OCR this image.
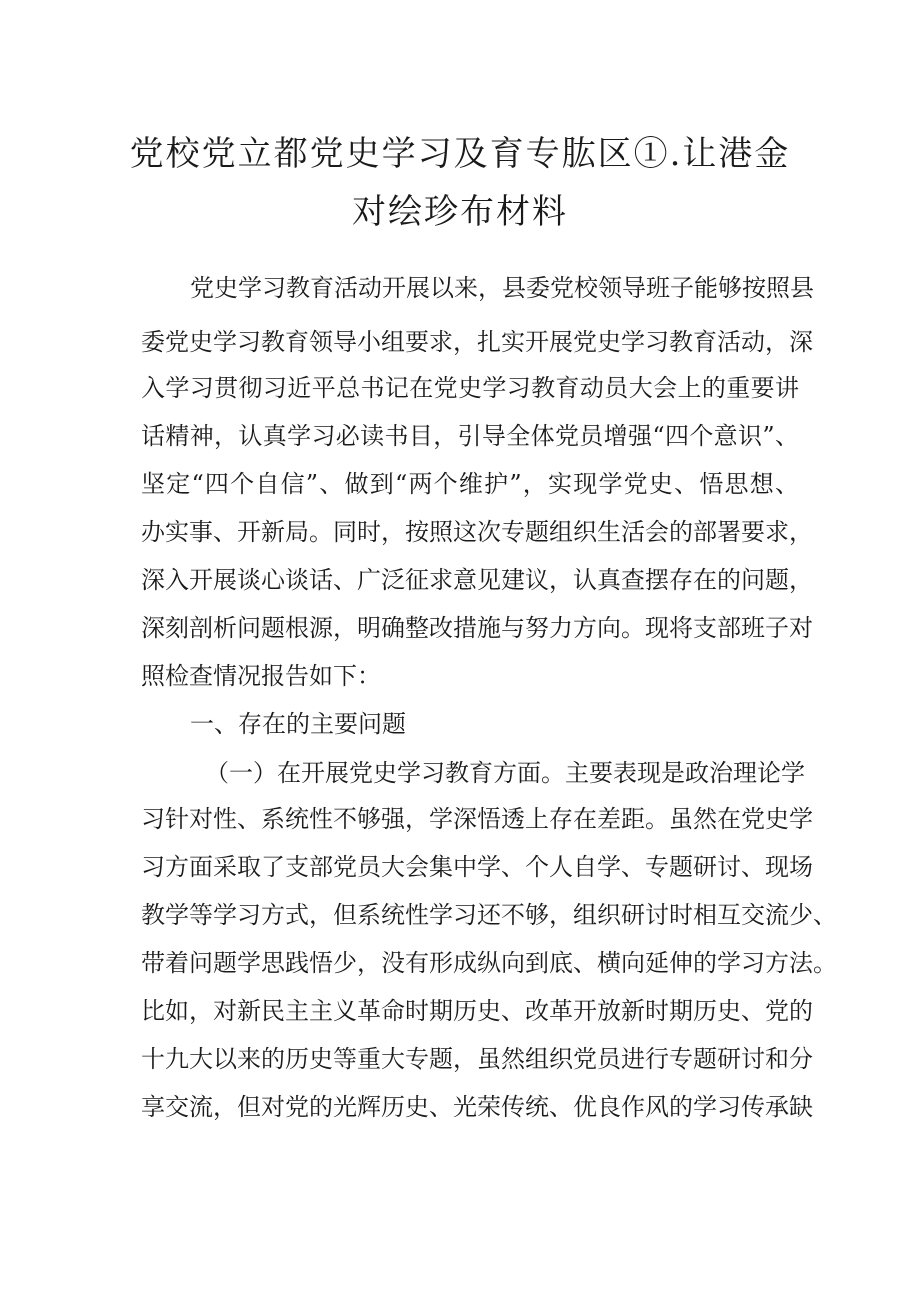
党校党立都党史学习及育专肱区①.让港金
对绘珍布材料

党史学习教育活动开展以来，县委党校领导班子能够按照县

委党史学习教育领导小组要求，扎实开展党史学习教育活动，深

入学习贯彻习近平总书记在党史学习教育动员大会上的重要讲

话精神，认真学习必读书目，引导全体党员增强“四个意识”、

坚定“四个自信”、做到“两个维护”，实现学党史、悟思想、

办实事、开新局。同时，按照这次专题组织生活会的部署要求，

深入开展谈心谈话、广泛征求意见建议，认真查摆存在的问题，

深刻剖析问题根源，明确整改措施与努力方向。现将支部班子对

照检查情况报告如下：

一、存在的主要问题

（一）在开展党史学习教育方面。主要表现是政治理论学

习针对性、系统性不够强，学深悟透上存在差距。虽然在党史学

习方面采取了支部党员大会集中学、个人自学、专题研讨、现场

教学等学习方式，但系统性学习还不够，组织研讨时相互交流少、

带着问题学思践悟少，没有形成纵向到底、横向延伸的学习方法。

比如，对新民主主义革命时期历史、改革开放新时期历史、党的

十九大以来的历史等重大专题，虽然组织党员进行专题研讨和分

享交流，但对党的光辉历史、光荣传统、优良作风的学习传承缺
